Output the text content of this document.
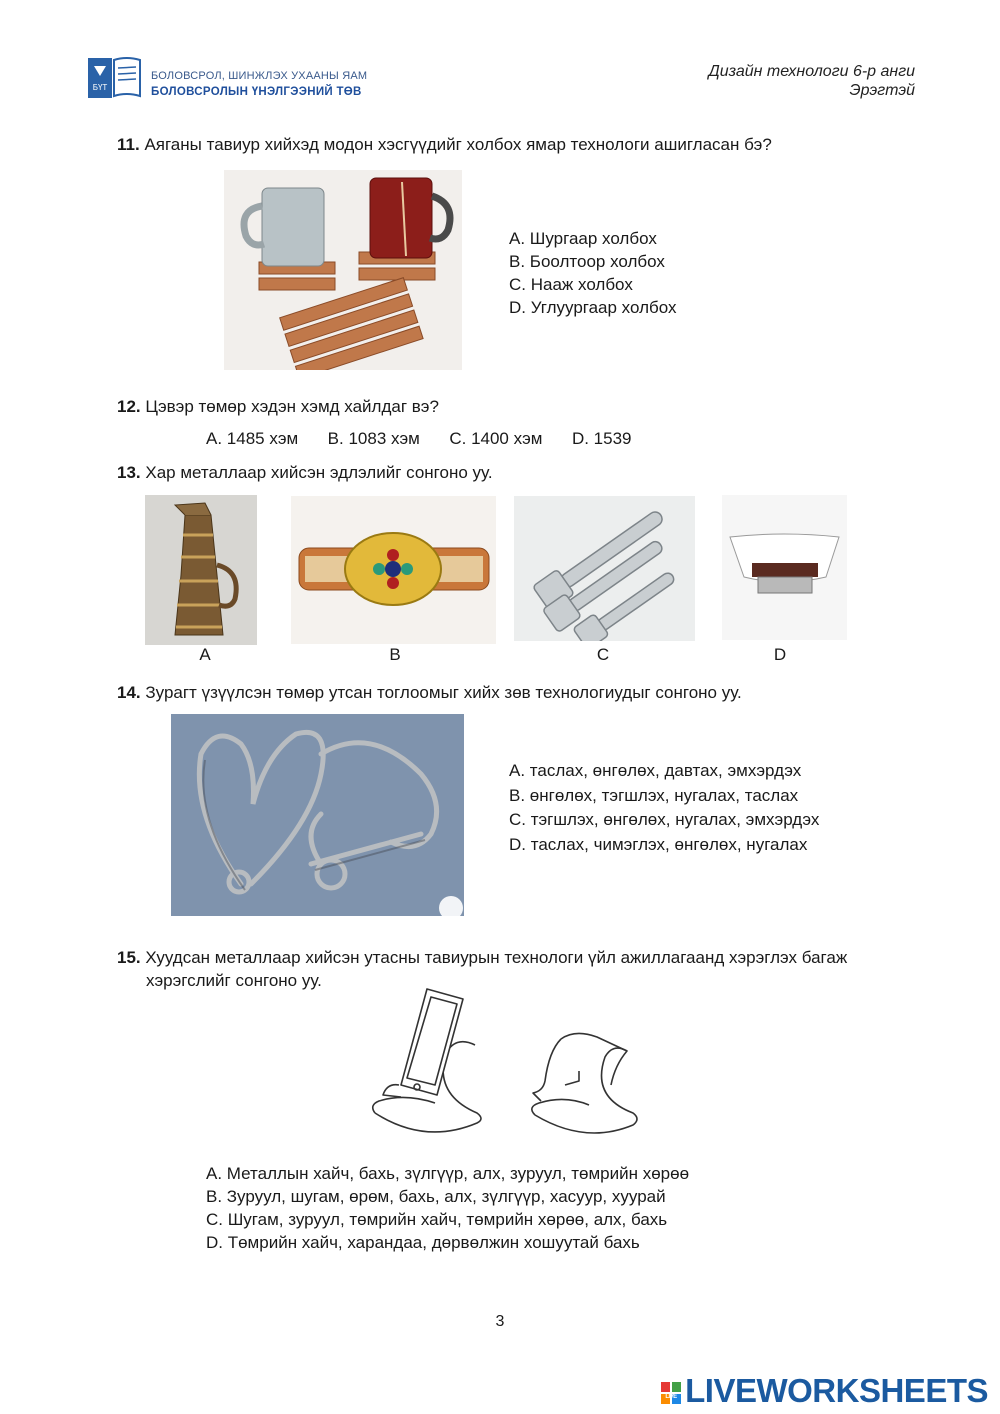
БҮТ
БОЛОВСРОЛ, ШИНЖЛЭХ УХААНЫ ЯАМ
БОЛОВСРОЛЫН ҮНЭЛГЭЭНИЙ ТӨВ
Дизайн технологи 6-р анги
Эрэгтэй
11. Аяганы тавиур хийхэд модон хэсгүүдийг холбох ямар технологи ашигласан бэ?
A. Шургаар холбох
B. Боолтоор холбох
C. Нааж холбох
D. Углуургаар холбох
12. Цэвэр төмөр хэдэн хэмд хайлдаг вэ?
A. 1485 хэм B. 1083 хэм C. 1400 хэм D. 1539
13. Хар металлаар хийсэн эдлэлийг сонгоно уу.
A	B	C	D
14. Зурагт үзүүлсэн төмөр утсан тоглоомыг хийх зөв технологиудыг сонгоно уу.
A. таслах, өнгөлөх, давтах, эмхэрдэх
B. өнгөлөх, тэгшлэх, нугалах, таслах
C. тэгшлэх, өнгөлөх, нугалах, эмхэрдэх
D. таслах, чимэглэх, өнгөлөх, нугалах
15. Хуудсан металлаар хийсэн утасны тавиурын технологи үйл ажиллагаанд хэрэглэх багаж
хэрэгслийг сонгоно уу.
A. Металлын хайч, бахь, зүлгүүр, алх, зуруул, төмрийн хөрөө
B. Зуруул, шугам, өрөм, бахь, алх, зүлгүүр, хасуур, хуурай
C. Шугам, зуруул, төмрийн хайч, төмрийн хөрөө, алх, бахь
D. Төмрийн хайч, харандаа, дөрвөлжин хошуутай бахь
3
LIVE LIVEWORKSHEETS
